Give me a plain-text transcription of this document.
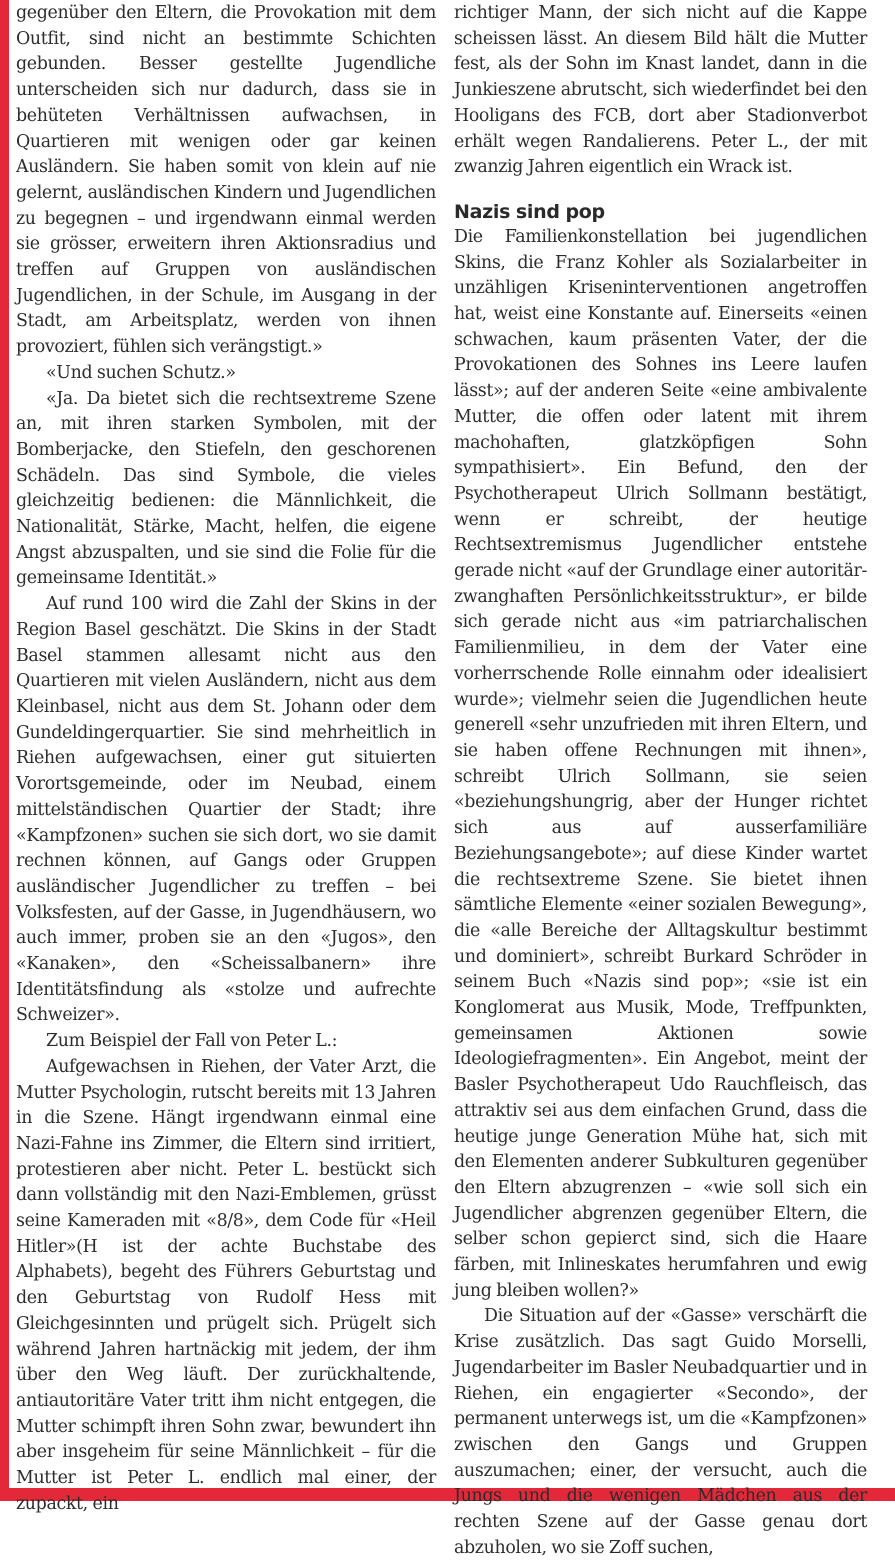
gegenüber den Eltern, die Provokation mit dem Outfit, sind nicht an bestimmte Schichten gebunden. Besser gestellte Jugendliche unterscheiden sich nur dadurch, dass sie in behüteten Verhältnissen aufwachsen, in Quartieren mit wenigen oder gar keinen Ausländern. Sie haben somit von klein auf nie gelernt, ausländischen Kindern und Jugendlichen zu begegnen – und irgendwann einmal werden sie grösser, erweitern ihren Aktionsradius und treffen auf Gruppen von ausländischen Jugendlichen, in der Schule, im Ausgang in der Stadt, am Arbeitsplatz, werden von ihnen provoziert, fühlen sich verängstigt.»

«Und suchen Schutz.»

«Ja. Da bietet sich die rechtsextreme Szene an, mit ihren starken Symbolen, mit der Bomberjacke, den Stiefeln, den geschorenen Schädeln. Das sind Symbole, die vieles gleichzeitig bedienen: die Männlichkeit, die Nationalität, Stärke, Macht, helfen, die eigene Angst abzuspalten, und sie sind die Folie für die gemeinsame Identität.»

Auf rund 100 wird die Zahl der Skins in der Region Basel geschätzt. Die Skins in der Stadt Basel stammen allesamt nicht aus den Quartieren mit vielen Ausländern, nicht aus dem Kleinbasel, nicht aus dem St. Johann oder dem Gundeldingerquartier. Sie sind mehrheitlich in Riehen aufgewachsen, einer gut situierten Vorortsgemeinde, oder im Neubad, einem mittelständischen Quartier der Stadt; ihre «Kampfzonen» suchen sie sich dort, wo sie damit rechnen können, auf Gangs oder Gruppen ausländischer Jugendlicher zu treffen – bei Volksfesten, auf der Gasse, in Jugendhäusern, wo auch immer, proben sie an den «Jugos», den «Kanaken», den «Scheissalbanern» ihre Identitätsfindung als «stolze und aufrechte Schweizer».

Zum Beispiel der Fall von Peter L.:

Aufgewachsen in Riehen, der Vater Arzt, die Mutter Psychologin, rutscht bereits mit 13 Jahren in die Szene. Hängt irgendwann einmal eine Nazi-Fahne ins Zimmer, die Eltern sind irritiert, protestieren aber nicht. Peter L. bestückt sich dann vollständig mit den Nazi-Emblemen, grüsst seine Kameraden mit «8/8», dem Code für «Heil Hitler»(H ist der achte Buchstabe des Alphabets), begeht des Führers Geburtstag und den Geburtstag von Rudolf Hess mit Gleichgesinnten und prügelt sich. Prügelt sich während Jahren hartnäckig mit jedem, der ihm über den Weg läuft. Der zurückhaltende, antiautoritäre Vater tritt ihm nicht entgegen, die Mutter schimpft ihren Sohn zwar, bewundert ihn aber insgeheim für seine Männlichkeit – für die Mutter ist Peter L. endlich mal einer, der zupackt, ein

richtiger Mann, der sich nicht auf die Kappe scheissen lässt. An diesem Bild hält die Mutter fest, als der Sohn im Knast landet, dann in die Junkieszene abrutscht, sich wiederfindet bei den Hooligans des FCB, dort aber Stadionverbot erhält wegen Randalierens. Peter L., der mit zwanzig Jahren eigentlich ein Wrack ist.

Nazis sind pop

Die Familienkonstellation bei jugendlichen Skins, die Franz Kohler als Sozialarbeiter in unzähligen Kriseninterventionen angetroffen hat, weist eine Konstante auf. Einerseits «einen schwachen, kaum präsenten Vater, der die Provokationen des Sohnes ins Leere laufen lässt»; auf der anderen Seite «eine ambivalente Mutter, die offen oder latent mit ihrem machohaften, glatzköpfigen Sohn sympathisiert». Ein Befund, den der Psychotherapeut Ulrich Sollmann bestätigt, wenn er schreibt, der heutige Rechtsextremismus Jugendlicher entstehe gerade nicht «auf der Grundlage einer autoritär-zwanghaften Persönlichkeitsstruktur», er bilde sich gerade nicht aus «im patriarchalischen Familienmilieu, in dem der Vater eine vorherrschende Rolle einnahm oder idealisiert wurde»; vielmehr seien die Jugendlichen heute generell «sehr unzufrieden mit ihren Eltern, und sie haben offene Rechnungen mit ihnen», schreibt Ulrich Sollmann, sie seien «beziehungshungrig, aber der Hunger richtet sich aus auf ausserfamiliäre Beziehungsangebote»; auf diese Kinder wartet die rechtsextreme Szene. Sie bietet ihnen sämtliche Elemente «einer sozialen Bewegung», die «alle Bereiche der Alltagskultur bestimmt und dominiert», schreibt Burkard Schröder in seinem Buch «Nazis sind pop»; «sie ist ein Konglomerat aus Musik, Mode, Treffpunkten, gemeinsamen Aktionen sowie Ideologiefragmenten». Ein Angebot, meint der Basler Psychotherapeut Udo Rauchfleisch, das attraktiv sei aus dem einfachen Grund, dass die heutige junge Generation Mühe hat, sich mit den Elementen anderer Subkulturen gegenüber den Eltern abzugrenzen – «wie soll sich ein Jugendlicher abgrenzen gegenüber Eltern, die selber schon gepierct sind, sich die Haare färben, mit Inlineskates herumfahren und ewig jung bleiben wollen?»

Die Situation auf der «Gasse» verschärft die Krise zusätzlich. Das sagt Guido Morselli, Jugendarbeiter im Basler Neubadquartier und in Riehen, ein engagierter «Secondo», der permanent unterwegs ist, um die «Kampfzonen» zwischen den Gangs und Gruppen auszumachen; einer, der versucht, auch die Jungs und die wenigen Mädchen aus der rechten Szene auf der Gasse genau dort abzuholen, wo sie Zoff suchen,
